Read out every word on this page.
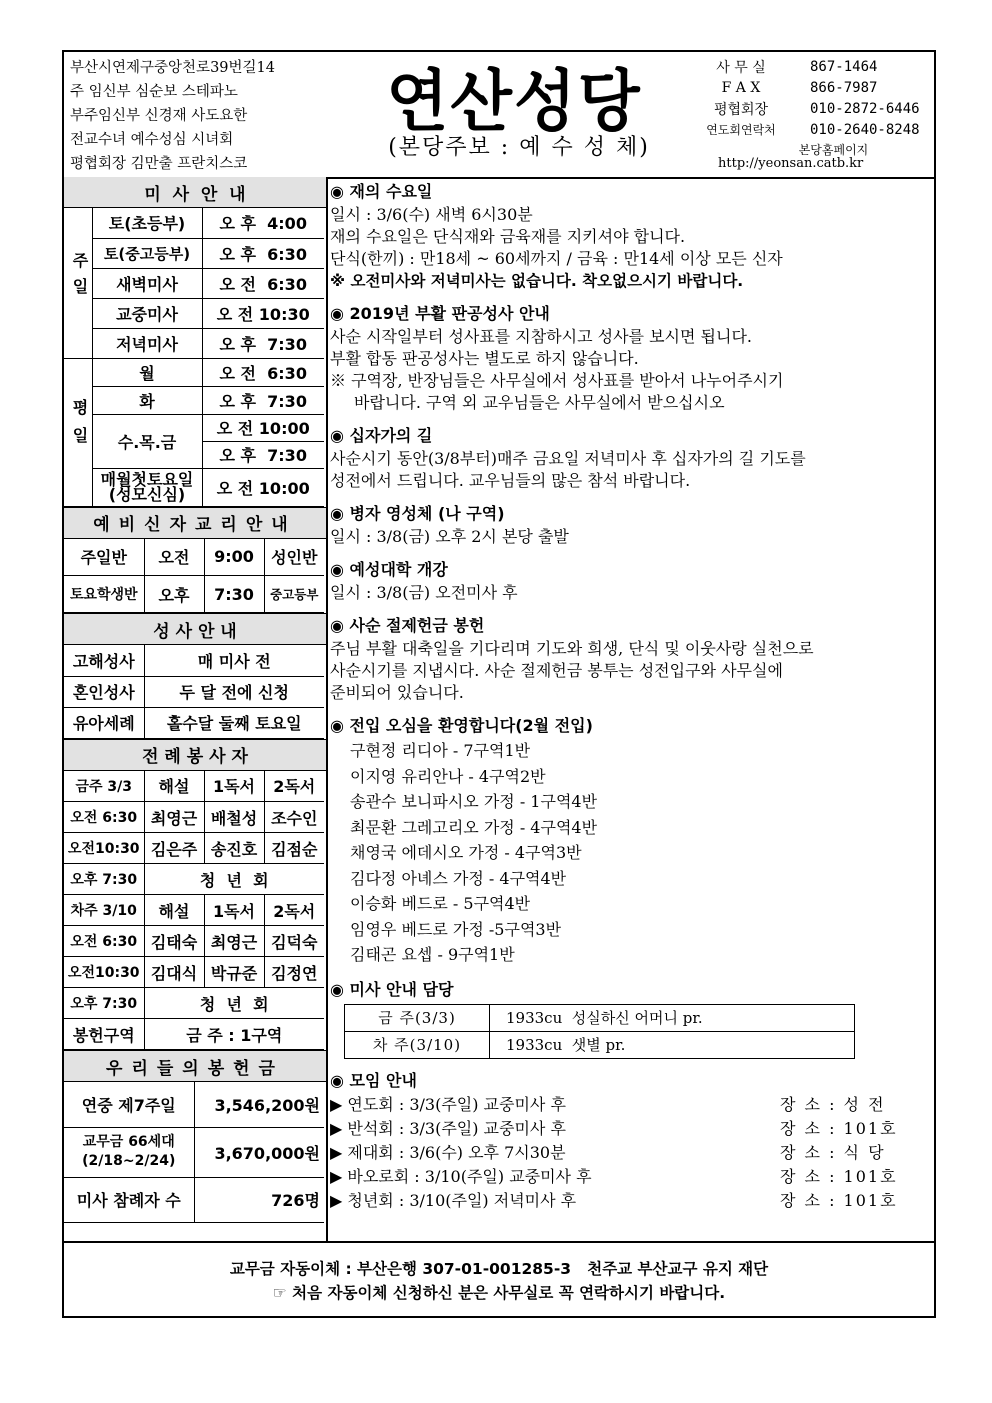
부산시연제구중앙천로39번길14
주 임신부 심순보 스테파노
부주임신부 신경재 사도요한
전교수녀 예수성심 시녀회
평협회장 김만출 프란치스코
연산성당
(본당주보 : 예 수 성 체)
사 무 실	867-1464
F A X	866-7987
평협회장	010-2872-6446
연도회연락처	010-2640-8248
본당홈페이지
http://yeonsan.catb.kr
미  사  안  내
주일	토(초등부)	오 후  4:00
	토(중고등부)	오 후  6:30
	새벽미사	오 전  6:30
	교중미사	오 전 10:30
	저녁미사	오 후  7:30
평일	월	오 전  6:30
	화	오 후  7:30
	수.목.금	오 전 10:00
		오 후  7:30
	매월첫토요일 (성모신심)	오 전 10:00
예비신자교리안내
주일반	오전	9:00	성인반
토요학생반	오후	7:30	중고등부
성 사 안 내
고해성사	매 미사 전
혼인성사	두 달 전에 신청
유아세례	홀수달 둘째 토요일
전 례 봉 사 자
금주 3/3	해설	1독서	2독서
오전 6:30	최영근	배철성	조수인
오전10:30	김은주	송진호	김점순
오후 7:30	청  년  회		
차주 3/10	해설	1독서	2독서
오전 6:30	김태숙	최영근	김덕숙
오전10:30	김대식	박규준	김정연
오후 7:30	청  년  회		
봉헌구역	금 주 : 1구역		
우리들의봉헌금
연중 제7주일	3,546,200원
교무금 66세대 (2/18~2/24)	3,670,000원
미사 참례자 수	726명
◉ 재의 수요일

일시 : 3/6(수) 새벽 6시30분

재의 수요일은 단식재와 금육재를 지키셔야 합니다.

단식(한끼) : 만18세 ~ 60세까지 / 금육 : 만14세 이상 모든 신자

※ 오전미사와 저녁미사는 없습니다. 착오없으시기 바랍니다.

◉ 2019년 부활 판공성사 안내

사순 시작일부터 성사표를 지참하시고 성사를 보시면 됩니다.

부활 합동 판공성사는 별도로 하지 않습니다.

※ 구역장, 반장님들은 사무실에서 성사표를 받아서 나누어주시기

바랍니다. 구역 외 교우님들은 사무실에서 받으십시오

◉ 십자가의 길

사순시기 동안(3/8부터)매주 금요일 저녁미사 후 십자가의 길 기도를

성전에서 드립니다. 교우님들의 많은 참석 바랍니다.

◉ 병자 영성체 (나 구역)

일시 : 3/8(금) 오후 2시 본당 출발

◉ 예성대학 개강

일시 : 3/8(금) 오전미사 후

◉ 사순 절제헌금 봉헌

주님 부활 대축일을 기다리며 기도와 희생, 단식 및 이웃사랑 실천으로

사순시기를 지냅시다. 사순 절제헌금 봉투는 성전입구와 사무실에

준비되어 있습니다.

◉ 전입 오심을 환영합니다(2월 전입)

구현정 리디아 - 7구역1반

이지영 유리안나 - 4구역2반

송관수 보니파시오 가정 - 1구역4반

최문환 그레고리오 가정 - 4구역4반

채영국 에데시오 가정 - 4구역3반

김다정 아녜스 가정 - 4구역4반

이승화 베드로 - 5구역4반

임영우 베드로 가정 -5구역3반

김태곤 요셉 - 9구역1반

◉ 미사 안내 담당
금 주(3/3)	1933cu  성실하신 어머니 pr.
차 주(3/10)	1933cu  샛별 pr.
◉ 모임 안내

▶ 연도회 : 3/3(주일) 교중미사 후	장 소 : 성 전

▶ 반석회 : 3/3(주일) 교중미사 후	장 소 : 101호

▶ 제대회 : 3/6(수) 오후 7시30분	장 소 : 식 당

▶ 바오로회 : 3/10(주일) 교중미사 후	장 소 : 101호

▶ 청년회 : 3/10(주일) 저녁미사 후	장 소 : 101호

교무금 자동이체 : 부산은행 307-01-001285-3   천주교 부산교구 유지 재단
☞ 처음 자동이체 신청하신 분은 사무실로 꼭 연락하시기 바랍니다.
